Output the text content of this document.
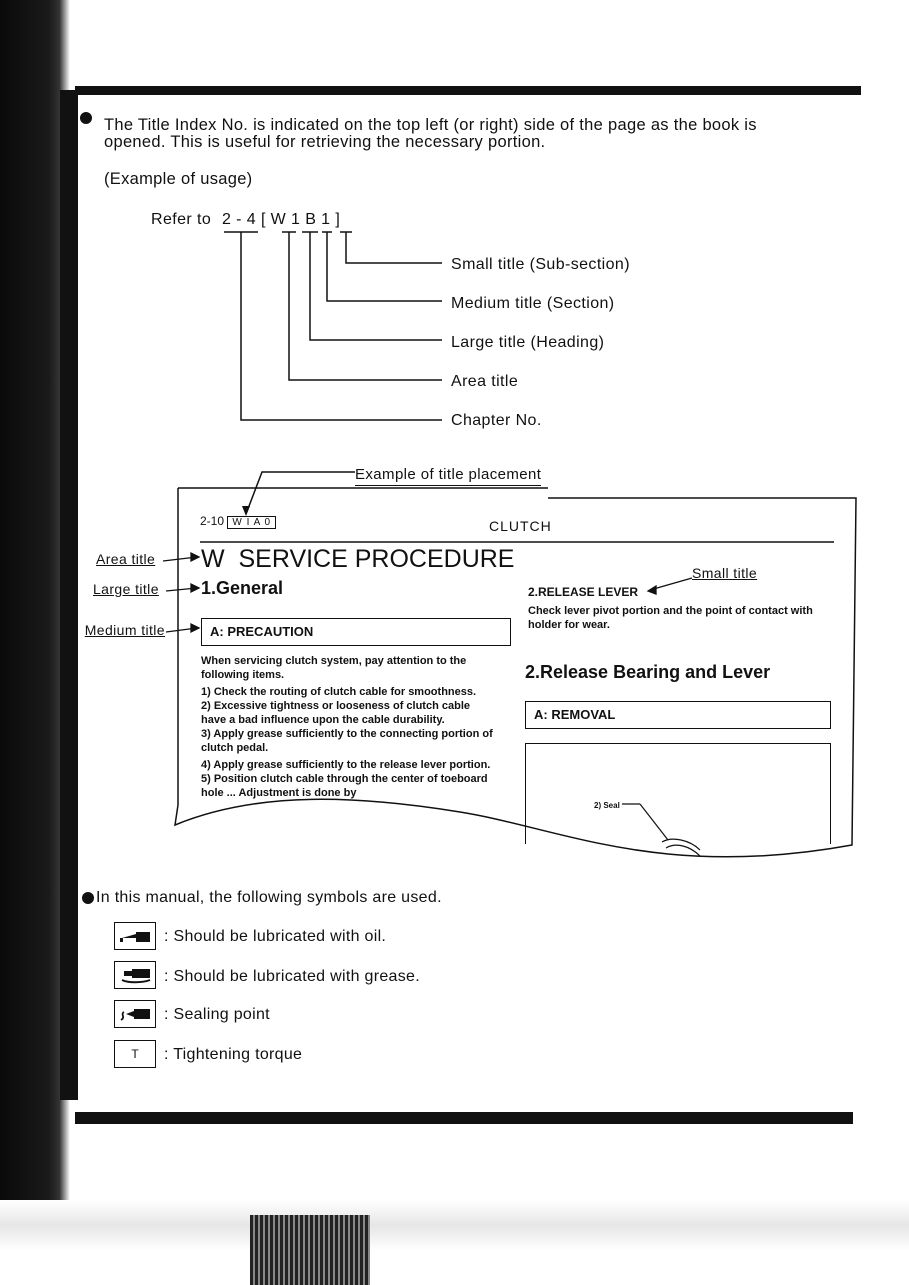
The Title Index No. is indicated on the top left (or right) side of the page as the book is
opened. This is useful for retrieving the necessary portion.
(Example of usage)
Refer to 2 - 4 [ W 1 B 1 ]
Small title (Sub-section)
Medium title (Section)
Large title (Heading)
Area title
Chapter No.
Example of title placement
2-10 W I A 0	CLUTCH
Area title
Large title
Medium title
W  SERVICE PROCEDURE
1.General
A: PRECAUTION
When servicing clutch system, pay attention to the
following items.
1) Check the routing of clutch cable for smoothness.
2) Excessive tightness or looseness of clutch cable
have a bad influence upon the cable durability.
3) Apply grease sufficiently to the connecting portion of
clutch pedal.
4) Apply grease sufficiently to the release lever portion.
5) Position clutch cable through the center of toeboard
hole ... Adjustment is done by
Small title
2.RELEASE LEVER
Check lever pivot portion and the point of contact with
holder for wear.
2.Release Bearing and Lever
A: REMOVAL
2) Seal
In this manual, the following symbols are used.
: Should be lubricated with oil.
: Should be lubricated with grease.
: Sealing point
T	: Tightening torque
